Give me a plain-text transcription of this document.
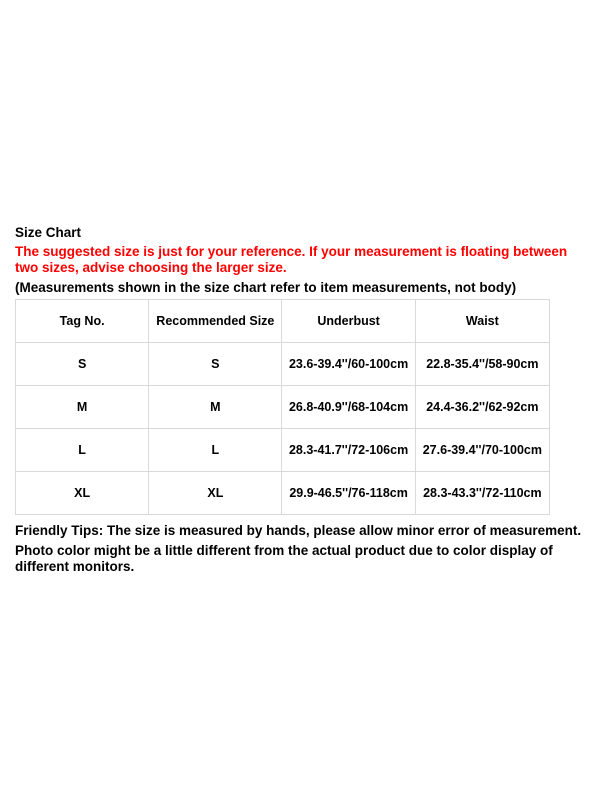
Size Chart
The suggested size is just for your reference. If your measurement is floating between two sizes, advise choosing the larger size.
(Measurements shown in the size chart refer to item measurements, not body)
Tag No.	Recommended Size	Underbust	Waist
S	S	23.6-39.4''/60-100cm	22.8-35.4''/58-90cm
M	M	26.8-40.9''/68-104cm	24.4-36.2''/62-92cm
L	L	28.3-41.7''/72-106cm	27.6-39.4''/70-100cm
XL	XL	29.9-46.5''/76-118cm	28.3-43.3''/72-110cm
Friendly Tips: The size is measured by hands, please allow minor error of measurement.
Photo color might be a little different from the actual product due to color display of different monitors.
